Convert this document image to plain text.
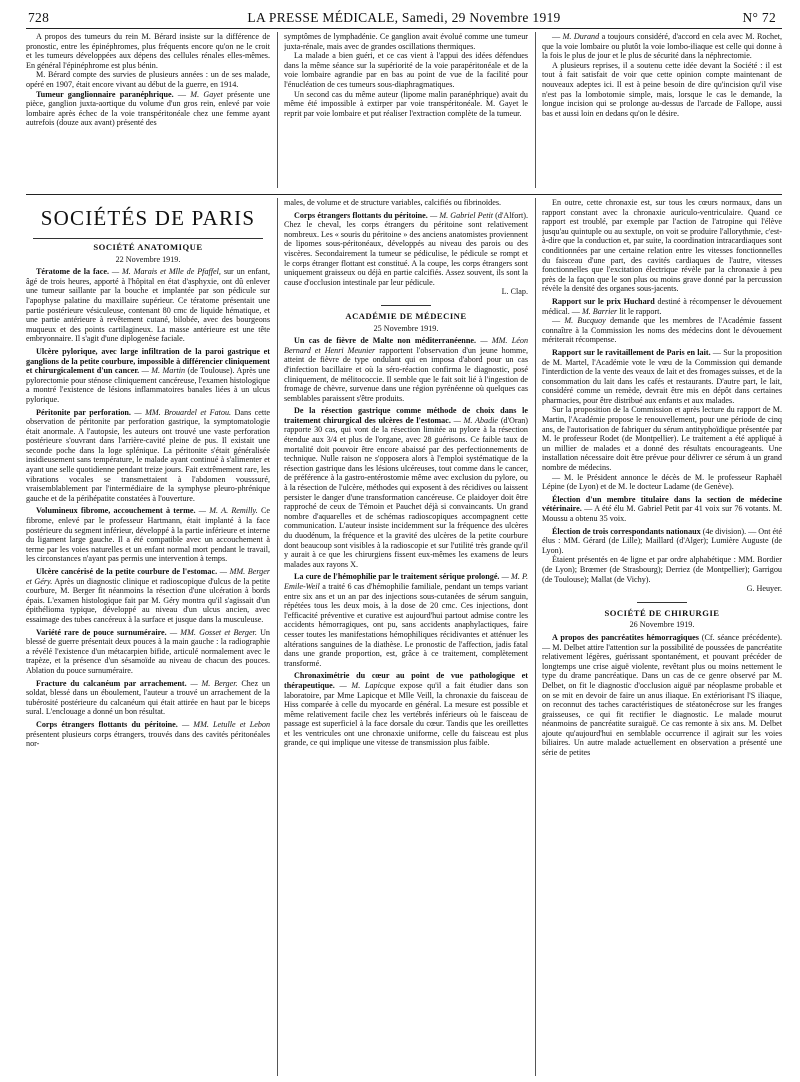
728	LA PRESSE MÉDICALE, Samedi, 29 Novembre 1919	N° 72

A propos des tumeurs du rein M. Bérard insiste sur la différence de pronostic, entre les épinéphromes, plus fréquents encore qu'on ne le croit et les tumeurs développées aux dépens des cellules rénales elles-mêmes. En général l'épinéphrome est plus bénin.

M. Bérard compte des survies de plusieurs années : un de ses malade, opéré en 1907, était encore vivant au début de la guerre, en 1914.

Tumeur ganglionnaire paranéphrique. — M. Gayet présente une pièce, ganglion juxta-aortique du volume d'un gros rein, enlevé par voie lombaire après échec de la voie transpéritonéale chez une femme ayant autrefois (douze aux avant) présenté des

symptômes de lymphadénie. Ce ganglion avait évolué comme une tumeur juxta-rénale, mais avec de grandes oscillations thermiques.

La malade a bien guéri, et ce cas vient à l'appui des idées défendues dans la même séance sur la supériorité de la voie parapéritonéale et de la voie lombaire agrandie par en bas au point de vue de la facilité pour l'énucléation de ces tumeurs sous-diaphragmatiques.

Un second cas du même auteur (lipome malin paranéphrique) avait du même été impossible à extirper par voie transpéritonéale. M. Gayet le reprit par voie lombaire et put réaliser l'extraction complète de la tumeur.

— M. Durand a toujours considéré, d'accord en cela avec M. Rochet, que la voie lombaire ou plutôt la voie lombo-iliaque est celle qui donne à la fois le plus de jour et le plus de sécurité dans la néphrectomie.

A plusieurs reprises, il a soutenu cette idée devant la Société : il est tout à fait satisfait de voir que cette opinion compte maintenant de nouveaux adeptes ici. Il est à peine besoin de dire qu'incision qu'il vise n'est pas la lombotomie simple, mais, lorsque le cas le demande, la longue incision qui se prolonge au-dessus de l'arcade de Fallope, aussi bas et aussi loin en dedans qu'on le désire.

SOCIÉTÉS DE PARIS
SOCIÉTÉ ANATOMIQUE
22 Novembre 1919.

Tératome de la face. — M. Marais et Mlle de Pfaffel, sur un enfant, âgé de trois heures, apporté à l'hôpital en état d'asphyxie, ont dû enlever une tumeur saillante par la bouche et implantée par son pédicule sur l'apophyse palatine du maxillaire supérieur. Ce tératome présentait une partie postérieure vésiculeuse, contenant 80 cmc de liquide hématique, et une partie antérieure à revêtement cutané, bilobée, avec des bourgeons muqueux et des points cartilagineux. La masse antérieure est une tête embryonnaire. Il s'agit d'une diplogenèse faciale.

Ulcère pylorique, avec large infiltration de la paroi gastrique et ganglions de la petite courbure, impossible à différencier cliniquement et chirurgicalement d'un cancer. — M. Martin (de Toulouse). Après une pylorectomie pour sténose cliniquement cancéreuse, l'examen histologique a montré l'existence de lésions inflammatoires banales liées à un ulcus pylorique.

Péritonite par perforation. — MM. Brouardel et Fatou. Dans cette observation de péritonite par perforation gastrique, la symptomatologie était anormale. A l'autopsie, les auteurs ont trouvé une vaste perforation postérieure s'ouvrant dans l'arrière-cavité pleine de pus. Il existait une seconde poche dans la loge splénique. La péritonite s'était généralisée insidieusement sans température, le malade ayant continué à s'alimenter et ayant une selle quotidienne pendant treize jours. Fait extrêmement rare, les vibrations vocales se transmettaient à l'abdomen vousssuré, vraisemblablement par l'intermédiaire de la symphyse pleuro-phrénique gauche et de la périhépatite constatées à l'ouverture.

Volumineux fibrome, accouchement à terme. — M. A. Remilly. Ce fibrome, enlevé par le professeur Hartmann, était implanté à la face postérieure du segment inférieur, développé à la partie inférieure et interne du ligament large gauche. Il a été compatible avec un accouchement à terme par les voies naturelles et un enfant normal mort pendant le travail, les circonstances n'ayant pas permis une intervention à temps.

Ulcère cancérisé de la petite courbure de l'estomac. — MM. Berger et Géry. Après un diagnostic clinique et radioscopique d'ulcus de la petite courbure, M. Berger fit néanmoins la résection d'une ulcération à bords épais. L'examen histologique fait par M. Géry montra qu'il s'agissait d'un épithélioma typique, développé au niveau d'un ulcus ancien, avec essaimage des tubes cancéreux à la surface et jusque dans la musculeuse.

Variété rare de pouce surnuméraire. — MM. Gosset et Berger. Un blessé de guerre présentait deux pouces à la main gauche : la radiographie a révélé l'existence d'un métacarpien bifide, articulé normalement avec le trapèze, et la présence d'un sésamoïde au niveau de chacun des pouces. Ablation du pouce surnuméraire.

Fracture du calcanéum par arrachement. — M. Berger. Chez un soldat, blessé dans un éboulement, l'auteur a trouvé un arrachement de la tubérosité postérieure du calcanéum qui était attirée en haut par le biceps sural. L'enclouage a donné un bon résultat.

Corps étrangers flottants du péritoine. — MM. Letulle et Lebon présentent plusieurs corps étrangers, trouvés dans des cavités péritonéales nor-

males, de volume et de structure variables, calcifiés ou fibrinoïdes.

Corps étrangers flottants du péritoine. — M. Gabriel Petit (d'Alfort). Chez le cheval, les corps étrangers du péritoine sont relativement nombreux. Les « souris du péritoine » des anciens anatomistes proviennent de lipomes sous-péritonéaux, développés au niveau des parois ou des viscères. Secondairement la tumeur se pédiculise, le pédicule se rompt et le corps étranger flottant est constitué. A la coupe, les corps étrangers sont uniquement graisseux ou déjà en partie calcifiés. Assez souvent, ils sont la cause d'occlusion intestinale par leur pédicule.

L. Clap.

ACADÉMIE DE MÉDECINE
25 Novembre 1919.

Un cas de fièvre de Malte non méditerranéenne. — MM. Léon Bernard et Henri Meunier rapportent l'observation d'un jeune homme, atteint de fièvre de type ondulant qui en imposa d'abord pour un cas d'infection bacillaire et où la séro-réaction confirma le diagnostic, posé cliniquement, de mélitococcie. Il semble que le fait soit lié à l'ingestion de fromage de chèvre, survenue dans une région pyrénéenne où quelques cas semblables paraissent s'être produits.

De la résection gastrique comme méthode de choix dans le traitement chirurgical des ulcères de l'estomac. — M. Abadie (d'Oran) rapporte 30 cas, qui vont de la résection limitée au pylore à la résection étendue aux 3/4 et plus de l'organe, avec 28 guérisons. Ce faible taux de mortalité doit pouvoir être encore abaissé par des perfectionnements de technique. Nulle raison ne s'opposera alors à l'emploi systématique de la résection gastrique dans les lésions ulcéreuses, tout comme dans le cancer, de préférence à la gastro-entérostomie même avec exclusion du pylore, ou à la résection de l'ulcère, méthodes qui exposent à des récidives ou laissent persister le danger d'une transformation cancéreuse. Ce plaidoyer doit être rapproché de ceux de Témoin et Pauchet déjà si convaincants. Un grand nombre d'aquarelles et de schémas radioscopiques accompagnent cette communication. L'auteur insiste incidemment sur la fréquence des ulcères du duodénum, la fréquence et la gravité des ulcères de la petite courbure dont beaucoup sont visibles à la radioscopie et sur l'utilité très grande qu'il y aurait à ce que les chirurgiens fissent eux-mêmes les examens de leurs malades aux rayons X.

La cure de l'hémophilie par le traitement sérique prolongé. — M. P. Emile-Weil a traité 6 cas d'hémophilie familiale, pendant un temps variant entre six ans et un an par des injections sous-cutanées de sérum sanguin, répétées tous les deux mois, à la dose de 20 cmc. Ces injections, dont l'efficacité préventive et curative est aujourd'hui partout admise contre les accidents hémorragiques, ont pu, sans accidents anaphylactiques, faire cesser toutes les manifestations hémophiliques récidivantes et atténuer les altérations sanguines de la diathèse. Le pronostic de l'affection, jadis fatal dans une grande proportion, est, grâce à ce traitement, complètement transformé.

Chronaximétrie du cœur au point de vue pathologique et thérapeutique. — M. Lapicque expose qu'il a fait étudier dans son laboratoire, par Mme Lapicque et Mlle Veill, la chronaxie du faisceau de Hiss comparée à celle du myocarde en général. La mesure est possible et même relativement facile chez les vertébrés inférieurs où le faisceau de passage est superficiel à la face dorsale du cœur. Tandis que les oreillettes et les ventricules ont une chronaxie uniforme, celle du faisceau est plus grande, ce qui implique une vitesse de transmission plus faible.

En outre, cette chronaxie est, sur tous les cœurs normaux, dans un rapport constant avec la chronaxie auriculo-ventriculaire. Quand ce rapport est troublé, par exemple par l'action de l'atropine qui l'élève jusqu'au quintuple ou au sextuple, on voit se produire l'allorythmie, c'est-à-dire que la conduction et, par suite, la coordination intracardiaques sont conditionnées par une certaine relation entre les vitesses fonctionnelles du faisceau d'une part, des cavités cardiaques de l'autre, vitesses fonctionnelles que l'excitation électrique révèle par la chronaxie à peu près de la façon que le son plus ou moins grave donné par la percussion révèle la densité des organes sous-jacents.

Rapport sur le prix Huchard destiné à récompenser le dévouement médical. — M. Barrier lit le rapport.

— M. Bucquoy demande que les membres de l'Académie fassent connaître à la Commission les noms des médecins dont le dévouement mériterait récompense.

Rapport sur le ravitaillement de Paris en lait. — Sur la proposition de M. Martel, l'Académie vote le vœu de la Commission qui demande l'interdiction de la vente des veaux de lait et des fromages suisses, et de la consommation du lait dans les cafés et restaurants. D'autre part, le lait, considéré comme un remède, devrait être mis en dépôt dans certaines pharmacies, pour être distribué aux enfants et aux malades.

Sur la proposition de la Commission et après lecture du rapport de M. Martin, l'Académie propose le renouvellement, pour une période de cinq ans, de l'autorisation de fabriquer du sérum antityphoïdique présentée par M. le professeur Rodet (de Montpellier). Le traitement a été appliqué à un millier de malades et a donné des résultats encourageants. Une installation nécessaire doit être prévue pour délivrer ce sérum à un grand nombre de médecins.

— M. le Président annonce le décès de M. le professeur Raphaël Lépine (de Lyon) et de M. le docteur Ladame (de Genève).

Élection d'un membre titulaire dans la section de médecine vétérinaire. — A été élu M. Gabriel Petit par 41 voix sur 76 votants. M. Moussu a obtenu 35 voix.

Élection de trois correspondants nationaux (4e division). — Ont été élus : MM. Gérard (de Lille); Maillard (d'Alger); Lumière Auguste (de Lyon).

Étaient présentés en 4e ligne et par ordre alphabétique : MM. Bordier (de Lyon); Brœmer (de Strasbourg); Derriez (de Montpellier); Garrigou (de Toulouse); Mallat (de Vichy).

G. Heuyer.

SOCIÉTÉ DE CHIRURGIE
26 Novembre 1919.

A propos des pancréatites hémorragiques (Cf. séance précédente). — M. Delbet attire l'attention sur la possibilité de poussées de pancréatite relativement légères, guérissant spontanément, et pouvant précéder de longtemps une crise aiguë violente, revêtant plus ou moins nettement le type du drame pancréatique. Dans un cas de ce genre observé par M. Delbet, on fit le diagnostic d'occlusion aiguë par néoplasme probable et on se mit en devoir de faire un anus iliaque. En extériorisant l'S iliaque, on reconnut des taches caractéristiques de stéatonécrose sur les franges graisseuses, ce qui fit rectifier le diagnostic. Le malade mourut néanmoins de pancréatite suraiguë. Ce cas remonte à six ans. M. Delbet ajoute qu'aujourd'hui en semblable occurrence il agirait sur les voies biliaires. Un autre malade actuellement en observation a présenté une série de petites
